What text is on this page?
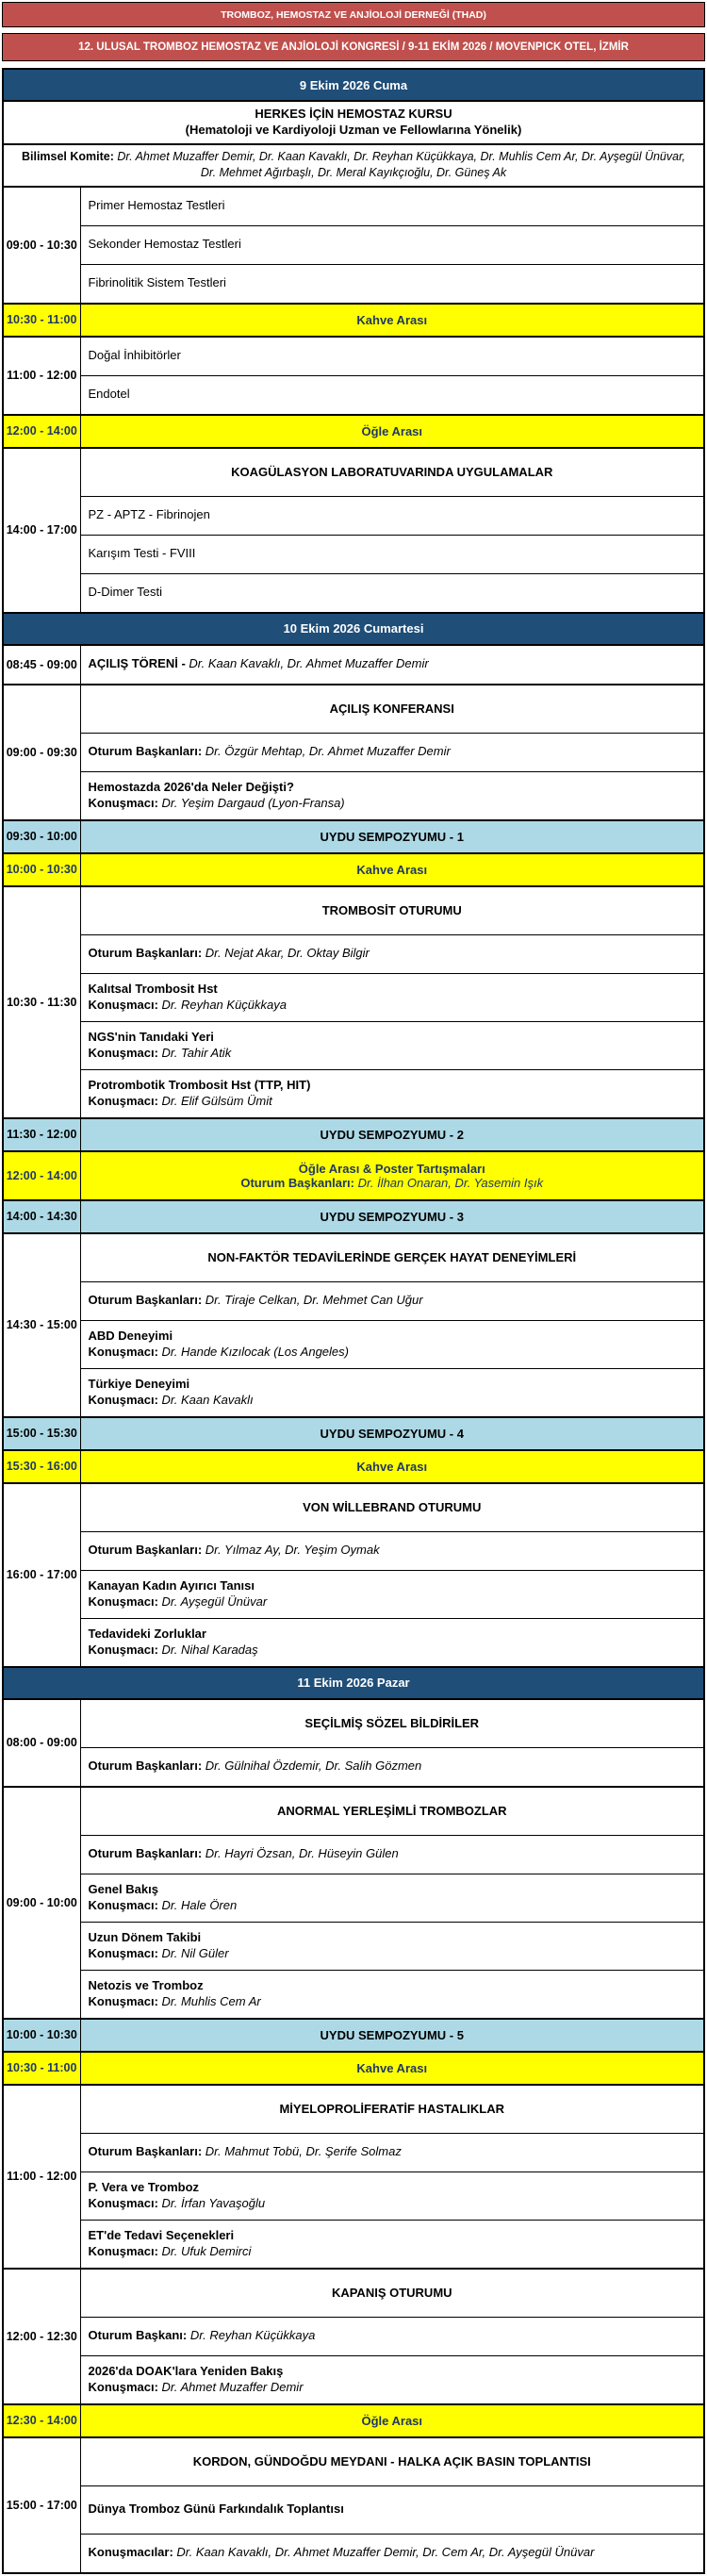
TROMBOZ, HEMOSTAZ VE ANJİOLOJİ DERNEĞİ (THAD)
12. ULUSAL TROMBOZ HEMOSTAZ VE ANJİOLOJİ KONGRESİ / 9-11 EKİM 2026 / MOVENPICK OTEL, İZMİR
9 Ekim 2026 Cuma	

HERKES İÇİN HEMOSTAZ KURSU
(Hematoloji ve Kardiyoloji Uzman ve Fellowlarına Yönelik)	

Bilimsel Komite: Dr. Ahmet Muzaffer Demir, Dr. Kaan Kavaklı, Dr. Reyhan Küçükkaya, Dr. Muhlis Cem Ar, Dr. Ayşegül Ünüvar, Dr. Mehmet Ağırbaşlı, Dr. Meral Kayıkçıoğlu, Dr. Güneş Ak	
09:00 - 10:30	Primer Hemostaz Testleri
	Sekonder Hemostaz Testleri
	Fibrinolitik Sistem Testleri
10:30 - 11:00	Kahve Arası

11:00 - 12:00	Doğal İnhibitörler
	Endotel
12:00 - 14:00	Öğle Arası

14:00 - 17:00	KOAGÜLASYON LABORATUVARINDA UYGULAMALAR
	PZ - APTZ - Fibrinojen
	Karışım Testi - FVIII
	D-Dimer Testi
10 Ekim 2026 Cumartesi	
08:45 - 09:00	AÇILIŞ TÖRENİ - Dr. Kaan Kavaklı, Dr. Ahmet Muzaffer Demir
09:00 - 09:30	AÇILIŞ KONFERANSI
	Oturum Başkanları: Dr. Özgür Mehtap, Dr. Ahmet Muzaffer Demir

	Hemostazda 2026'da Neler Değişti?
Konuşmacı: Dr. Yeşim Dargaud (Lyon-Fransa)

09:30 - 10:00	UYDU SEMPOZYUMU - 1

10:00 - 10:30	Kahve Arası

10:30 - 11:30	TROMBOSİT OTURUMU
	Oturum Başkanları: Dr. Nejat Akar, Dr. Oktay Bilgir

	Kalıtsal Trombosit Hst
Konuşmacı: Dr. Reyhan Küçükkaya

	NGS'nin Tanıdaki Yeri
Konuşmacı: Dr. Tahir Atik

	Protrombotik Trombosit Hst (TTP, HIT)
Konuşmacı: Dr. Elif Gülsüm Ümit

11:30 - 12:00	UYDU SEMPOZYUMU - 2

12:00 - 14:00	Öğle Arası & Poster Tartışmaları
Oturum Başkanları: Dr. İlhan Onaran, Dr. Yasemin Işık

14:00 - 14:30	UYDU SEMPOZYUMU - 3

14:30 - 15:00	NON-FAKTÖR TEDAVİLERİNDE GERÇEK HAYAT DENEYİMLERİ
	Oturum Başkanları: Dr. Tiraje Celkan, Dr. Mehmet Can Uğur

	ABD Deneyimi
Konuşmacı: Dr. Hande Kızılocak (Los Angeles)

	Türkiye Deneyimi
Konuşmacı: Dr. Kaan Kavaklı

15:00 - 15:30	UYDU SEMPOZYUMU - 4

15:30 - 16:00	Kahve Arası

16:00 - 17:00	VON WİLLEBRAND OTURUMU
	Oturum Başkanları: Dr. Yılmaz Ay, Dr. Yeşim Oymak

	Kanayan Kadın Ayırıcı Tanısı
Konuşmacı: Dr. Ayşegül Ünüvar

	Tedavideki Zorluklar
Konuşmacı: Dr. Nihal Karadaş

11 Ekim 2026 Pazar	
08:00 - 09:00	SEÇİLMİŞ SÖZEL BİLDİRİLER
	Oturum Başkanları: Dr. Gülnihal Özdemir, Dr. Salih Gözmen
09:00 - 10:00	ANORMAL YERLEŞİMLİ TROMBOZLAR
	Oturum Başkanları: Dr. Hayri Özsan, Dr. Hüseyin Gülen

	Genel Bakış
Konuşmacı: Dr. Hale Ören

	Uzun Dönem Takibi
Konuşmacı: Dr. Nil Güler

	Netozis ve Tromboz
Konuşmacı: Dr. Muhlis Cem Ar

10:00 - 10:30	UYDU SEMPOZYUMU - 5

10:30 - 11:00	Kahve Arası

11:00 - 12:00	MİYELOPROLİFERATİF HASTALIKLAR
	Oturum Başkanları: Dr. Mahmut Tobü, Dr. Şerife Solmaz

	P. Vera ve Tromboz
Konuşmacı: Dr. İrfan Yavaşoğlu

	ET'de Tedavi Seçenekleri
Konuşmacı: Dr. Ufuk Demirci

12:00 - 12:30	KAPANIŞ OTURUMU
	Oturum Başkanı: Dr. Reyhan Küçükkaya

	2026'da DOAK'lara Yeniden Bakış
Konuşmacı: Dr. Ahmet Muzaffer Demir

12:30 - 14:00	Öğle Arası

15:00 - 17:00	KORDON, GÜNDOĞDU MEYDANI - HALKA AÇIK BASIN TOPLANTISI
	Dünya Tromboz Günü Farkındalık Toplantısı
	Konuşmacılar: Dr. Kaan Kavaklı, Dr. Ahmet Muzaffer Demir, Dr. Cem Ar, Dr. Ayşegül Ünüvar
